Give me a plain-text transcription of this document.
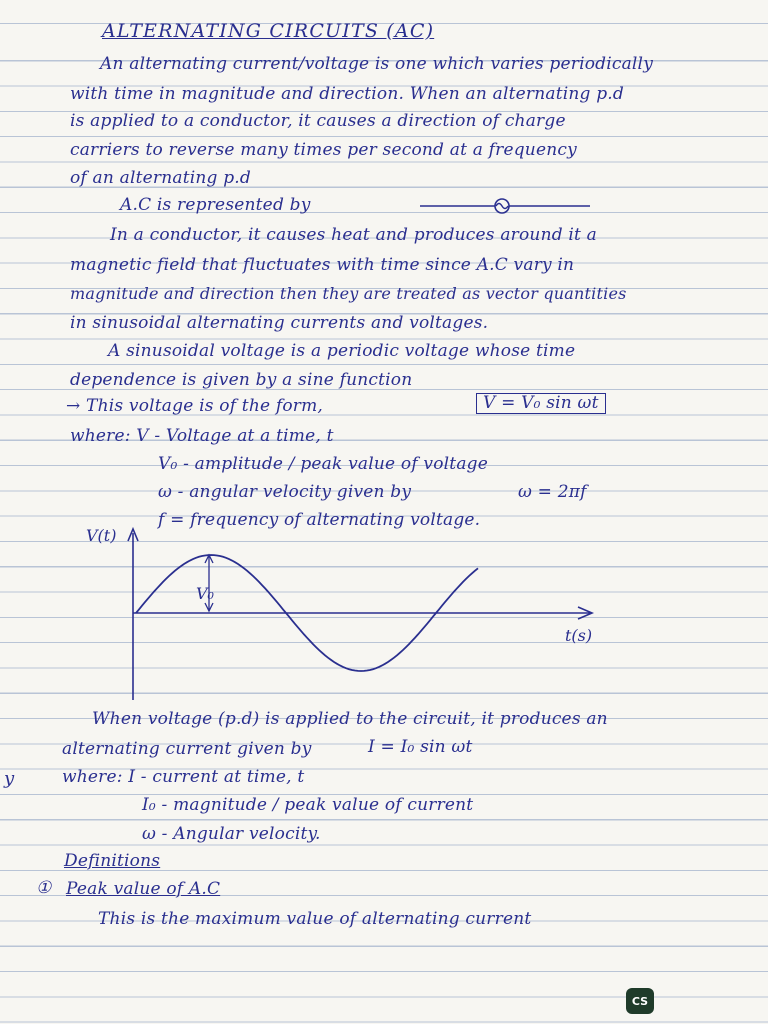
ALTERNATING CIRCUITS (AC)
An alternating current/voltage is one which varies periodically
with time in magnitude and direction. When an alternating p.d
is applied to a conductor, it causes a direction of charge
carriers to reverse many times per second at a frequency
of an alternating p.d
A.C is represented by
In a conductor, it causes heat and produces around it a
magnetic field that fluctuates with time since A.C vary in
magnitude and direction then they are treated as vector quantities
in sinusoidal alternating currents and voltages.
A sinusoidal voltage is a periodic voltage whose time
dependence is given by a sine function
→ This voltage is of the form,	V = V₀ sin ωt
where: V - Voltage at a time, t
V₀ - amplitude / peak value of voltage
ω - angular velocity given by	ω = 2πf
f = frequency of alternating voltage.
V(t)
t(s)
V₀
When voltage (p.d) is applied to the circuit, it produces an
alternating current given by	I = I₀ sin ωt
where: I - current at time, t
I₀ - magnitude / peak value of current
ω - Angular velocity.
Definitions
① Peak value of A.C
This is the maximum value of alternating current
y
CS
